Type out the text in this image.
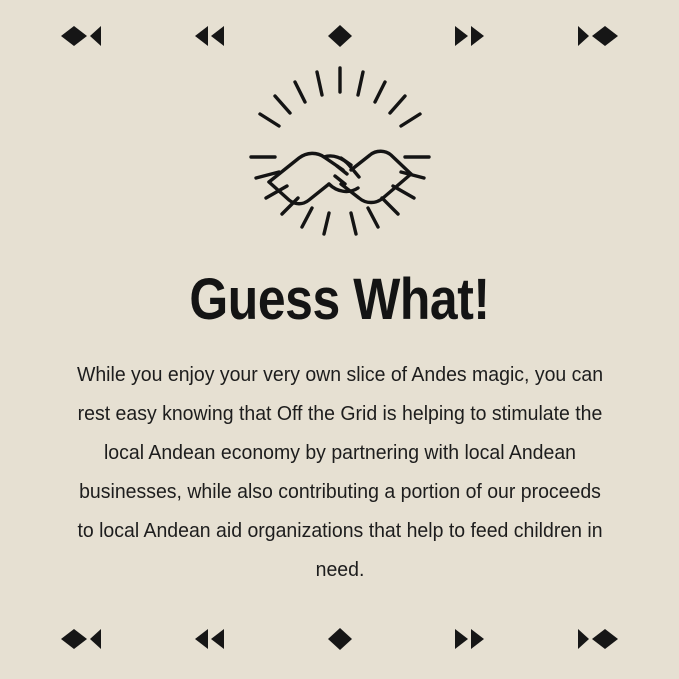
Guess What!
While you enjoy your very own slice of Andes magic, you can rest easy knowing that Off the Grid is helping to stimulate the local Andean economy by partnering with local Andean businesses, while also contributing a portion of our proceeds to local Andean aid organizations that help to feed children in need.
